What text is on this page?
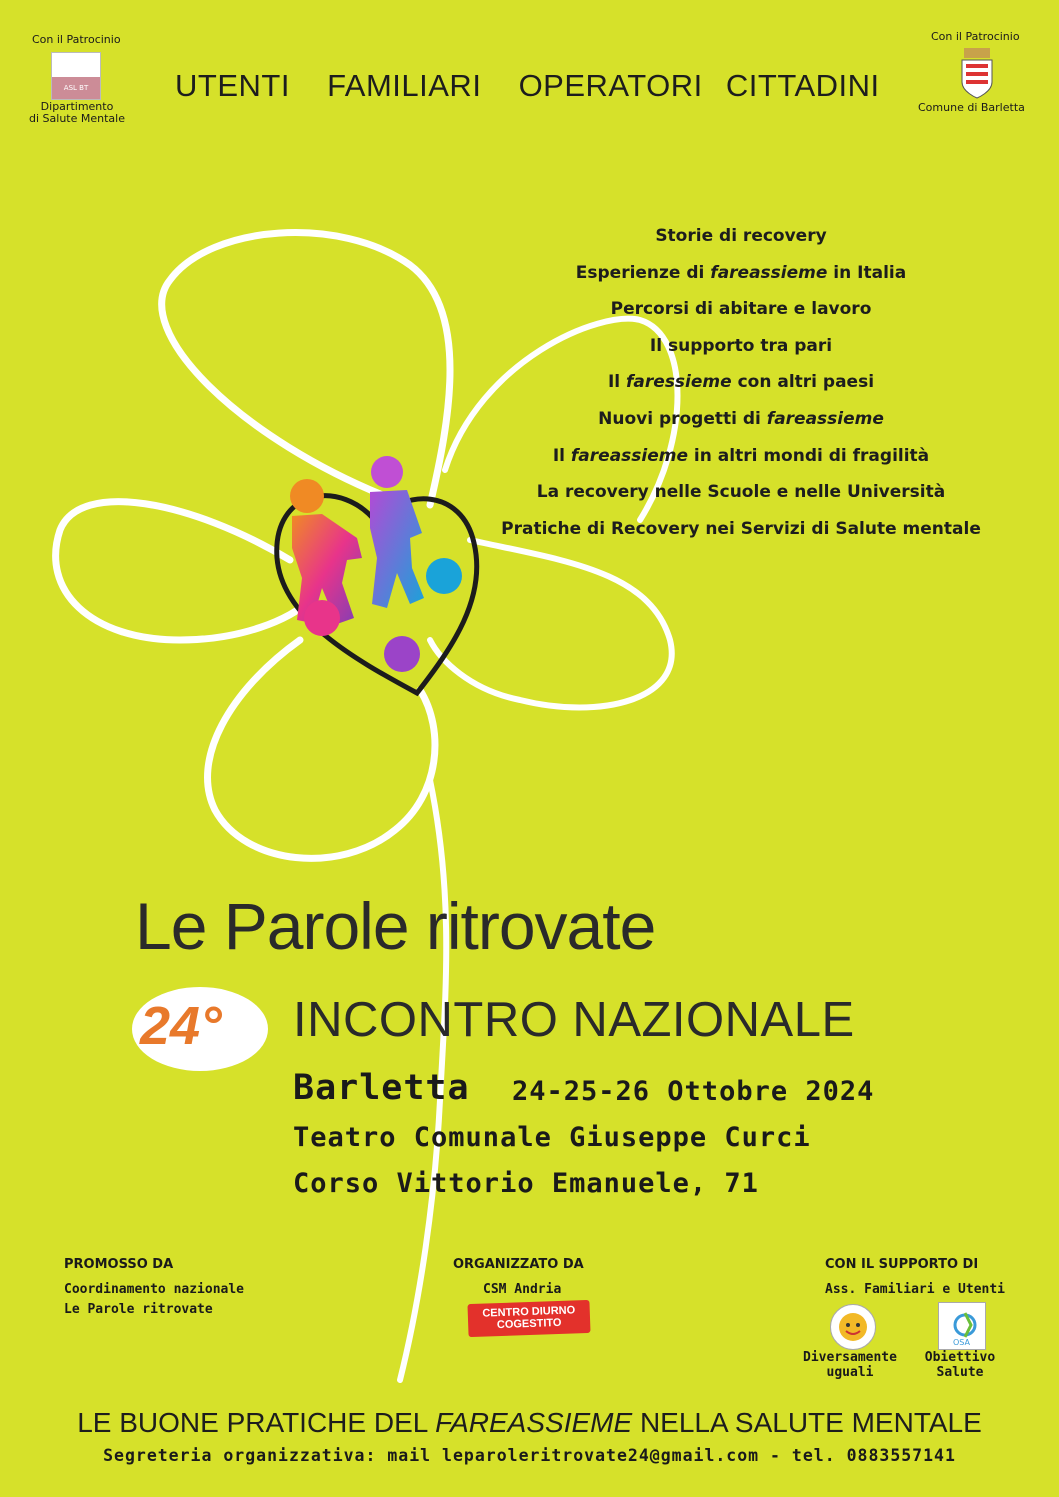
Con il Patrocinio
ASL BT
Dipartimento
di Salute Mentale
UTENTI FAMILIARI OPERATORI CITTADINI
Con il Patrocinio
Comune di Barletta
Storie di recovery
Esperienze di fareassieme in Italia
Percorsi di abitare e lavoro
Il supporto tra pari
Il faressieme con altri paesi
Nuovi progetti di fareassieme
Il fareassieme in altri mondi di fragilità
La recovery nelle Scuole e nelle Università
Pratiche di Recovery nei Servizi di Salute mentale
Le Parole ritrovate
24° INCONTRO NAZIONALE
Barletta 24-25-26 Ottobre 2024
Teatro Comunale Giuseppe Curci
Corso Vittorio Emanuele, 71
PROMOSSO DA
Coordinamento nazionale
Le Parole ritrovate
ORGANIZZATO DA
CSM Andria
CENTRO DIURNO
COGESTITO
CON IL SUPPORTO DI
Ass. Familiari e Utenti
Diversamente
uguali
OSA
Obiettivo
Salute
LE BUONE PRATICHE DEL FAREASSIEME NELLA SALUTE MENTALE
Segreteria organizzativa: mail leparoleritrovate24@gmail.com - tel. 0883557141
